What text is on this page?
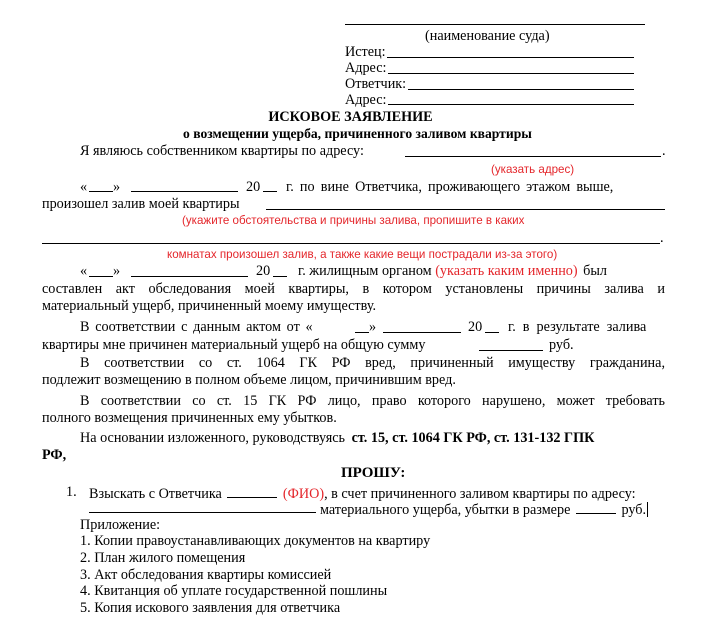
(наименование суда)
Истец:
Адрес:
Ответчик:
Адрес:
ИСКОВОЕ ЗАЯВЛЕНИЕ
о возмещении ущерба, причиненного заливом квартиры
Я являюсь собственником квартиры по адресу:	.
(указать адрес)
« »	20 г. по вине Ответчика, проживающего этажом выше,
произошел залив моей квартиры
(укажите обстоятельства и причины залива, пропишите в каких
.
комнатах произошел залив, а также какие вещи пострадали из-за этого)
« »	20 г. жилищным органом (указать каким именно) был
составлен акт обследования моей квартиры, в котором установлены причины залива и
материальный ущерб, причиненный моему имуществу.
В соответствии с данным актом от «	»	20 г. в результате залива
квартиры мне причинен материальный ущерб на общую сумму	руб.
В соответствии со ст. 1064 ГК РФ вред, причиненный имуществу гражданина,
подлежит возмещению в полном объеме лицом, причинившим вред.
В соответствии со ст. 15 ГК РФ лицо, право которого нарушено, может требовать
полного возмещения причиненных ему убытков.
На основании изложенного, руководствуясь ст. 15, ст. 1064 ГК РФ, ст. 131-132 ГПК
РФ,
ПРОШУ:
1. Взыскать с Ответчика	(ФИО), в счет причиненного заливом квартиры по адресу:
материального ущерба, убытки в размере	руб.
Приложение:
1. Копии правоустанавливающих документов на квартиру
2. План жилого помещения
3. Акт обследования квартиры комиссией
4. Квитанция об уплате государственной пошлины
5. Копия искового заявления для ответчика
